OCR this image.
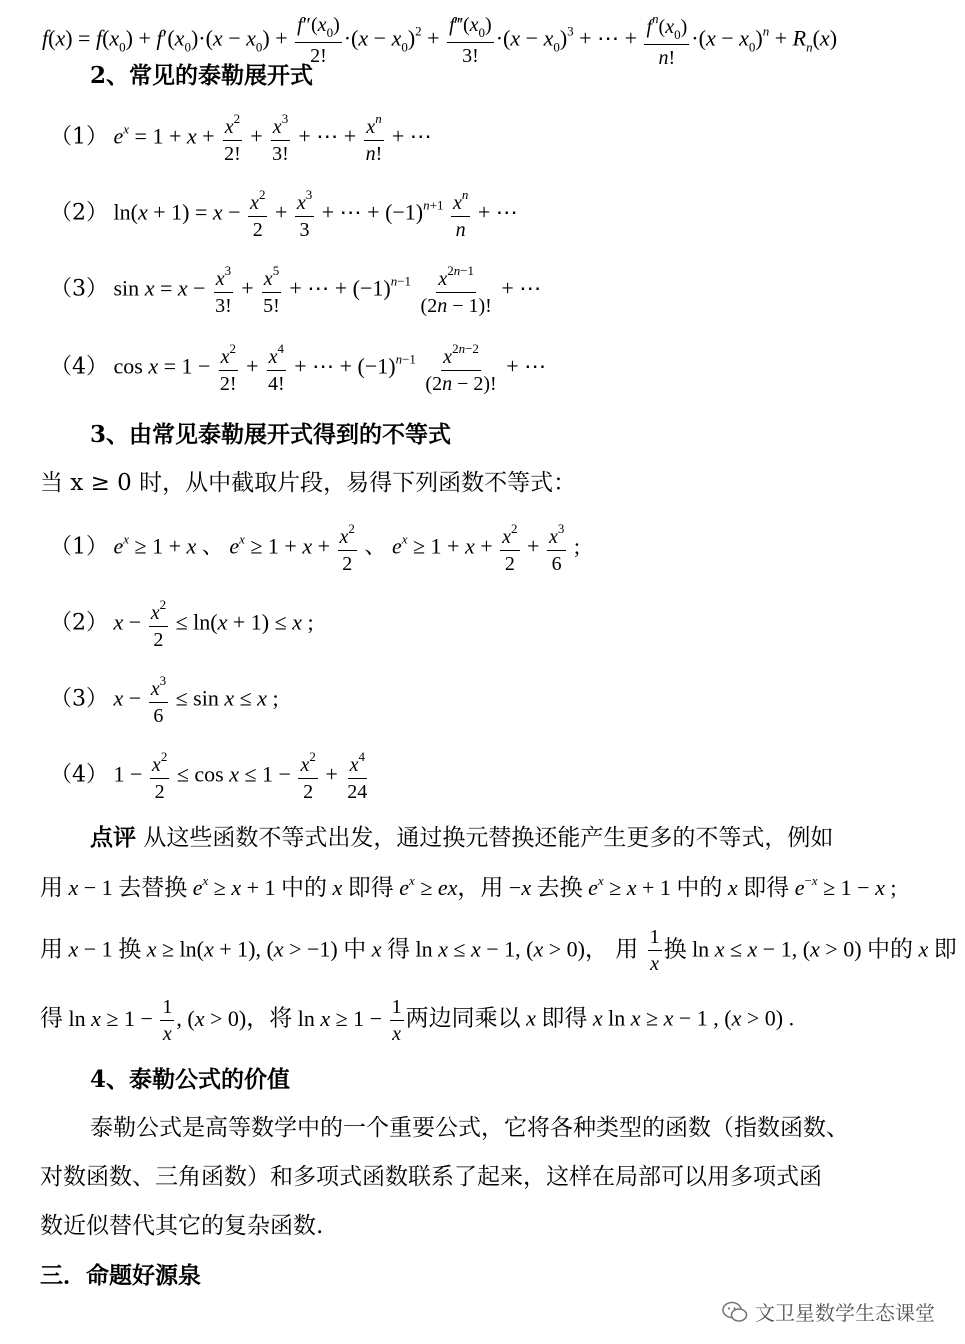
$f(x) = f(x_0) + f'(x_0)\cdot(x - x_0) + \frac{f''(x_0)}{2!} \cdot(x - x_0)^2 + \frac{f‴(x_0)}{3!} \cdot(x - x_0)^3$ + ⋯ + $\frac{f^n(x_0)}{n!} \cdot(x - x_0)^n + R_n(x)$
2、常见的泰勒展开式
（1） $e^x = 1 + x + \frac{x^2}{2!} + \frac{x^3}{3!}$ + ⋯ + $\frac{x^n}{n!}$ + ⋯
（2） $\ln(x + 1) = x - \frac{x^2}{2} + \frac{x^3}{3}$ + ⋯ + $(-1)^{n+1} \frac{x^n}{n}$ + ⋯
（3） $\sin x = x - \frac{x^3}{3!} + \frac{x^5}{5!}$ + ⋯ + $(-1)^{n-1} \frac{x^{2n-1}}{(2n - 1)!}$ + ⋯
（4） $\cos x = 1 - \frac{x^2}{2!} + \frac{x^4}{4!}$ + ⋯ + $(-1)^{n-1} \frac{x^{2n-2}}{(2n - 2)!}$ + ⋯
3、由常见泰勒展开式得到的不等式
当 x ≥ 0 时，从中截取片段，易得下列函数不等式：
（1） $e^x \ge 1 + x$ 、 $e^x \ge 1 + x + \frac{x^2}{2}$ 、 $e^x \ge 1 + x + \frac{x^2}{2} + \frac{x^3}{6}$ ;
（2） $x - \frac{x^2}{2} \le \ln(x + 1) \le x$ ;
（3） $x - \frac{x^3}{6} \le \sin x \le x$ ;
（4） $1 - \frac{x^2}{2} \le \cos x \le 1 - \frac{x^2}{2} + \frac{x^4}{24}$
点评 从这些函数不等式出发，通过换元替换还能产生更多的不等式，例如
用 x − 1 去替换 $e^x \ge x + 1$ 中的 x 即得 $e^x$ ≥ ex，用 −x 去换 $e^x \ge x + 1$ 中的 x 即得 $e^{-x} \ge 1 - x$ ;
用 x − 1 换 x ≥ ln(x + 1), (x > −1) 中 x 得 ln x ≤ x − 1, (x > 0)， 用 $\frac{1}{x}$ 换 ln x ≤ x − 1, (x > 0) 中的 x 即
得 $\ln x \ge 1 - \frac{1}{x}$ , (x > 0)，将 $\ln x \ge 1 - \frac{1}{x}$ 两边同乘以 x 即得 x ln x ≥ x − 1 , (x > 0) .
4、泰勒公式的价值
泰勒公式是高等数学中的一个重要公式，它将各种类型的函数（指数函数、
对数函数、三角函数）和多项式函数联系了起来，这样在局部可以用多项式函
数近似替代其它的复杂函数.
三．命题好源泉
文卫星数学生态课堂
